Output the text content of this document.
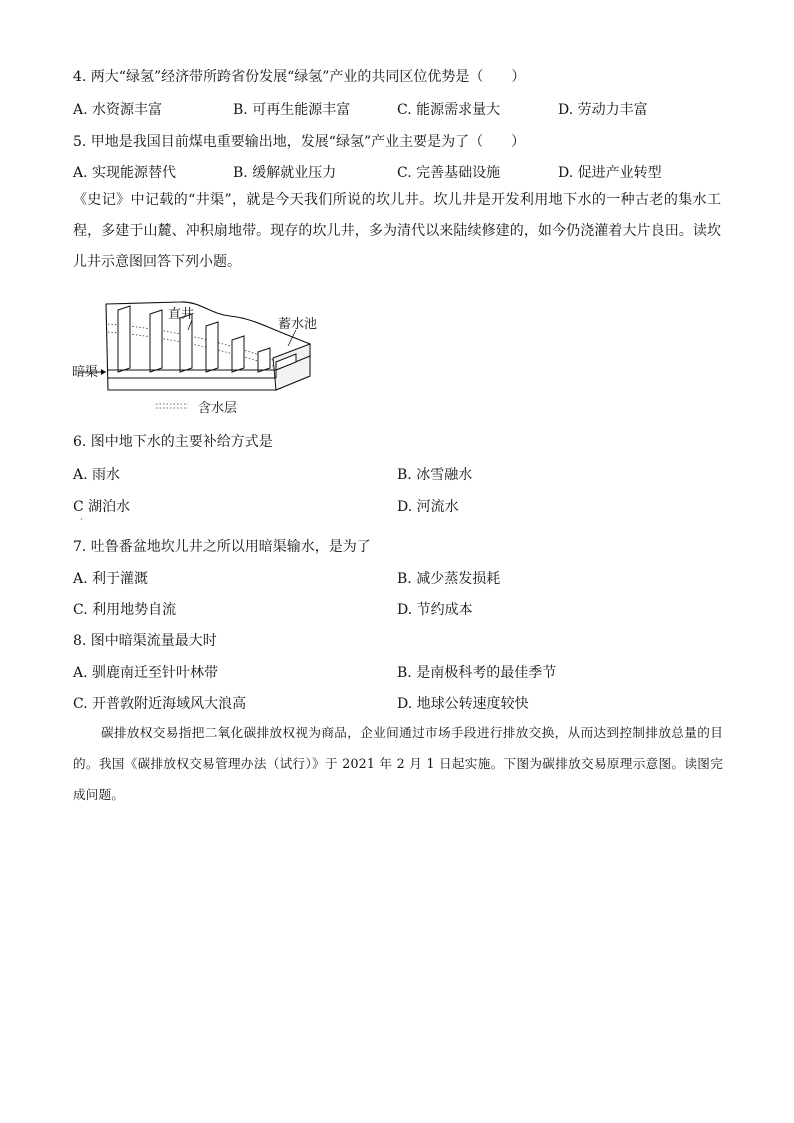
4. 两大“绿氢”经济带所跨省份发展“绿氢”产业的共同区位优势是（　　）
A. 水资源丰富	B. 可再生能源丰富	C. 能源需求量大	D. 劳动力丰富
5. 甲地是我国目前煤电重要输出地，发展“绿氢”产业主要是为了（　　）
A. 实现能源替代	B. 缓解就业压力	C. 完善基础设施	D. 促进产业转型
《史记》中记载的“井渠”，就是今天我们所说的坎儿井。坎儿井是开发利用地下水的一种古老的集水工程，多建于山麓、冲积扇地带。现存的坎儿井，多为清代以来陆续修建的，如今仍浇灌着大片良田。读坎儿井示意图回答下列小题。
直井
蓄水池
暗渠
含水层
6. 图中地下水的主要补给方式是
A. 雨水	B. 冰雪融水
C 湖泊水	D. 河流水
·
7. 吐鲁番盆地坎儿井之所以用暗渠输水，是为了
A. 利于灌溉	B. 减少蒸发损耗
C. 利用地势自流	D. 节约成本
8. 图中暗渠流量最大时
A. 驯鹿南迁至针叶林带	B. 是南极科考的最佳季节
C. 开普敦附近海域风大浪高	D. 地球公转速度较快
碳排放权交易指把二氧化碳排放权视为商品，企业间通过市场手段进行排放交换，从而达到控制排放总量的目的。我国《碳排放权交易管理办法（试行）》于 2021 年 2 月 1 日起实施。下图为碳排放交易原理示意图。读图完成问题。
